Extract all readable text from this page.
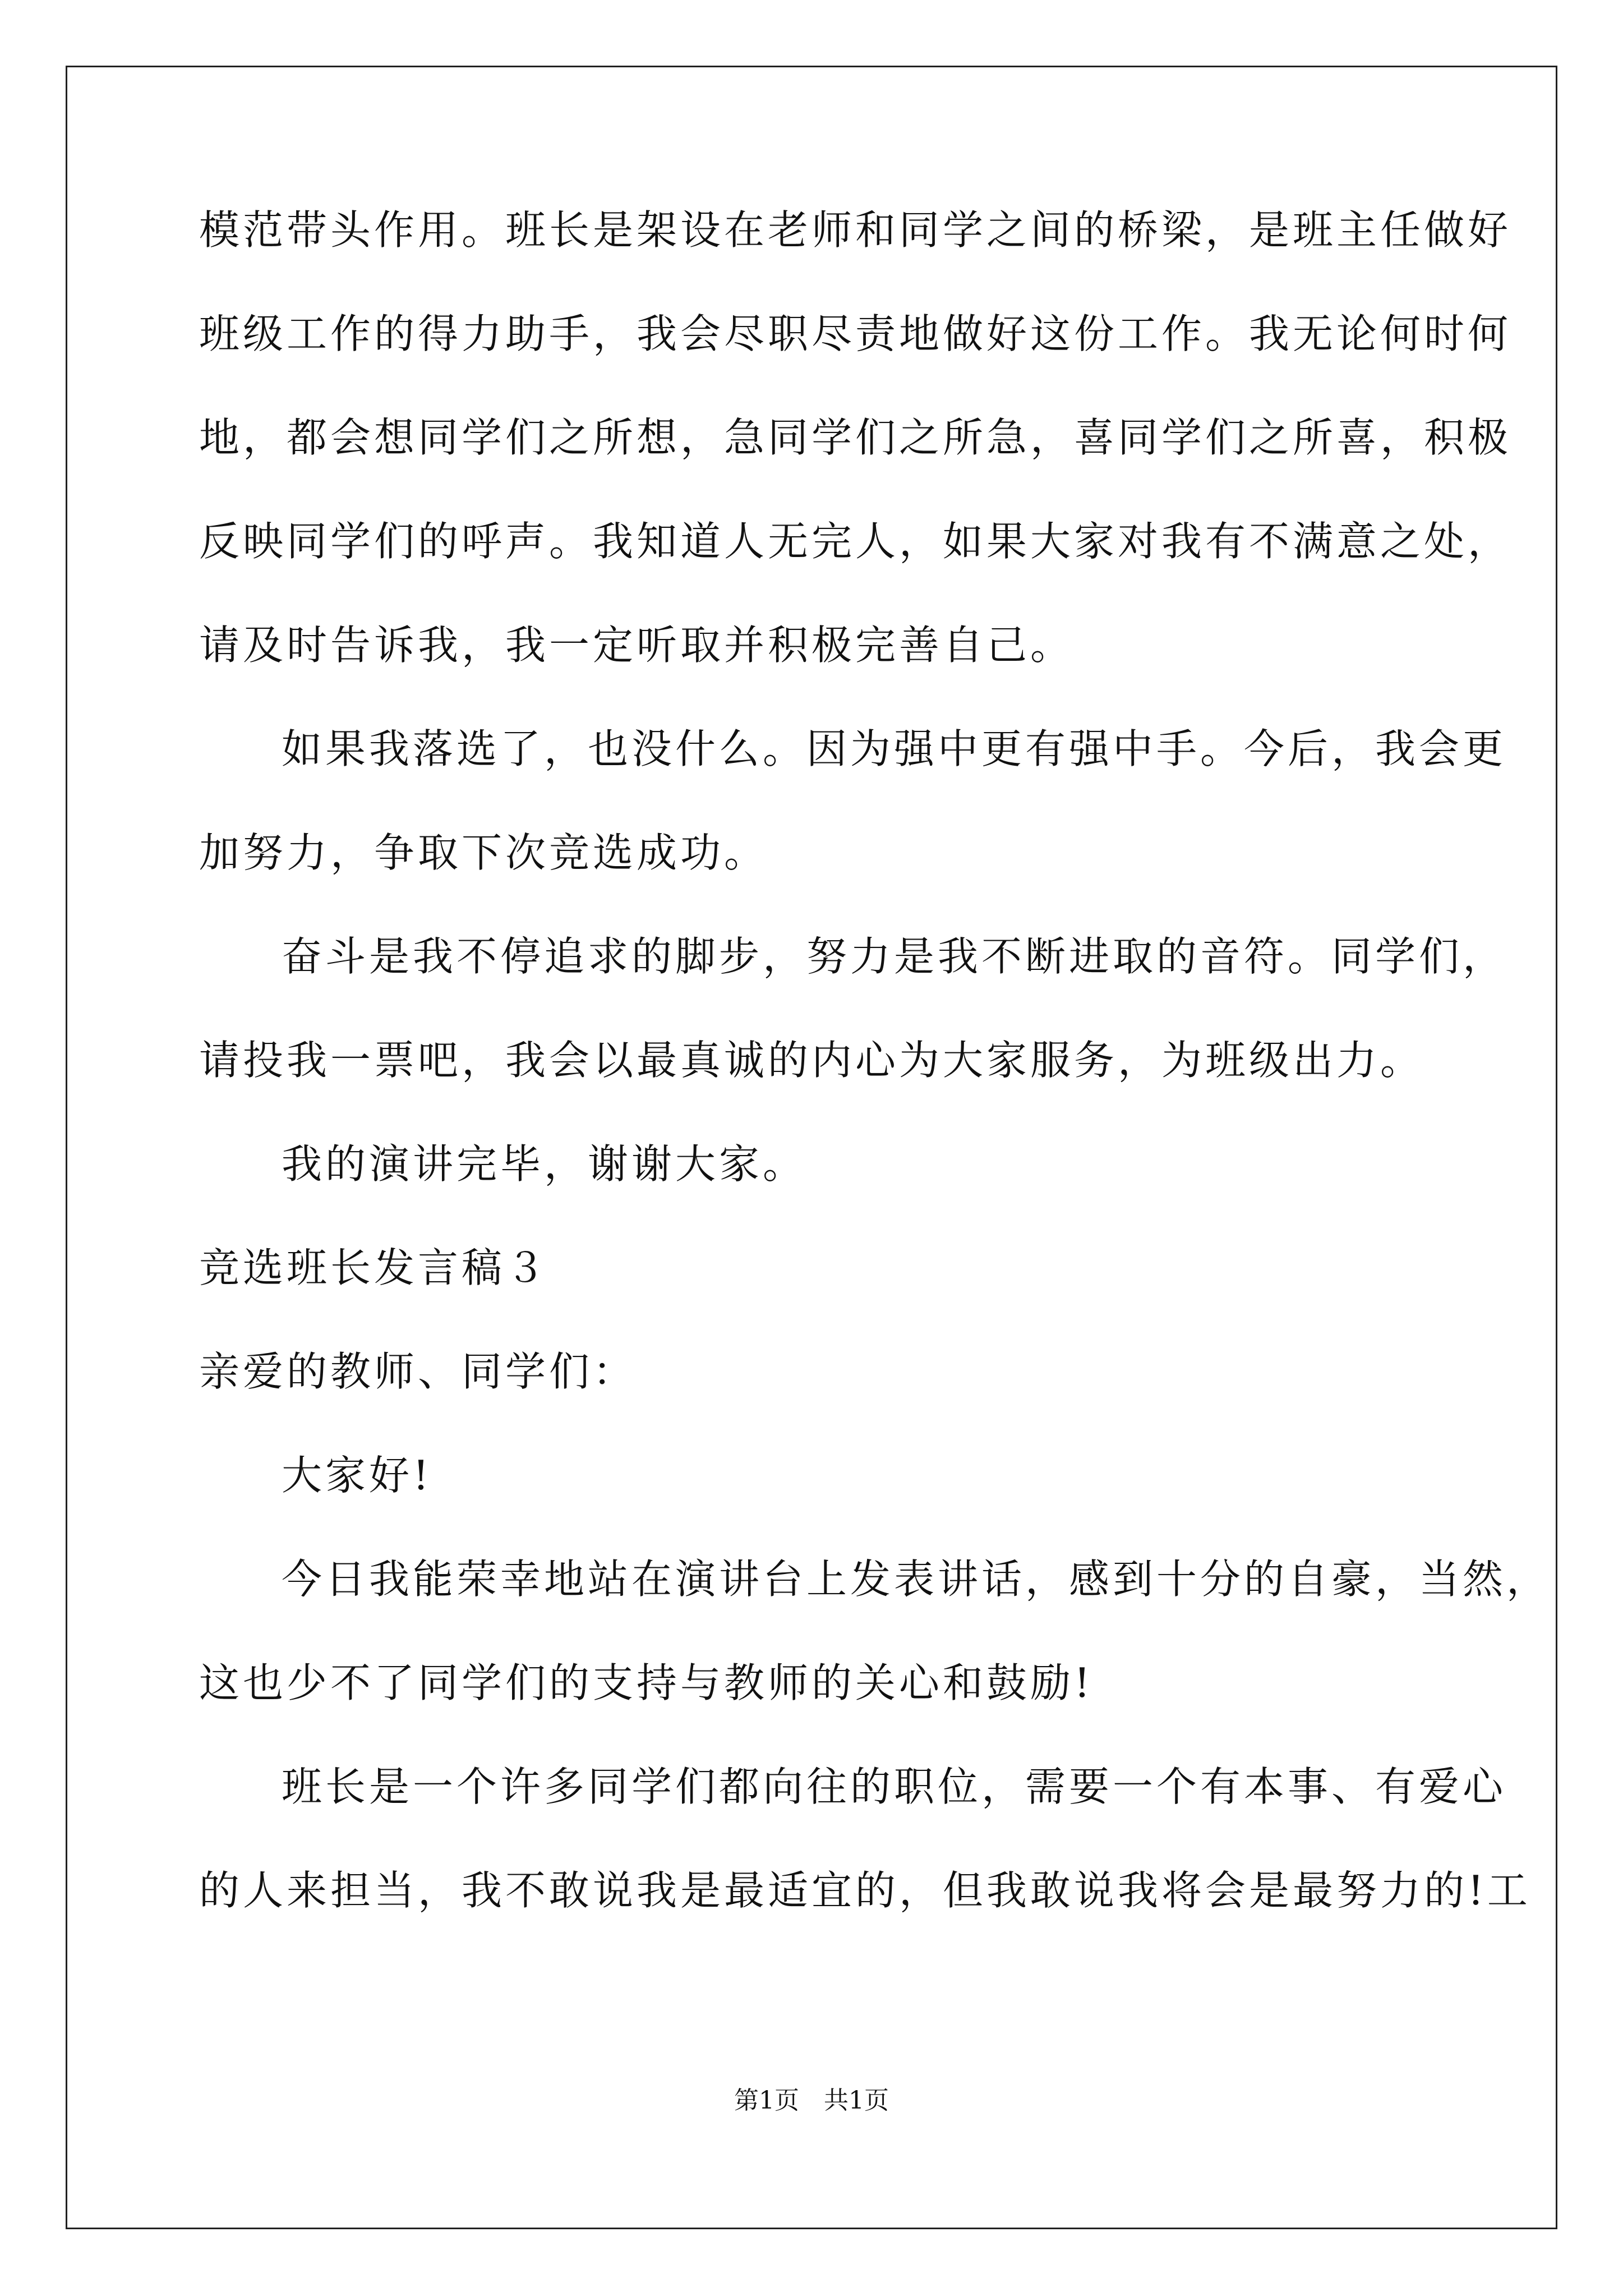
模范带头作用。班长是架设在老师和同学之间的桥梁，是班主任做好
班级工作的得力助手，我会尽职尽责地做好这份工作。我无论何时何
地，都会想同学们之所想，急同学们之所急，喜同学们之所喜，积极
反映同学们的呼声。我知道人无完人，如果大家对我有不满意之处，
请及时告诉我，我一定听取并积极完善自己。
如果我落选了，也没什么。因为强中更有强中手。今后，我会更
加努力，争取下次竞选成功。
奋斗是我不停追求的脚步，努力是我不断进取的音符。同学们，
请投我一票吧，我会以最真诚的内心为大家服务，为班级出力。
我的演讲完毕，谢谢大家。
竞选班长发言稿３
亲爱的教师、同学们：
大家好!
今日我能荣幸地站在演讲台上发表讲话，感到十分的自豪，当然，
这也少不了同学们的支持与教师的关心和鼓励!
班长是一个许多同学们都向往的职位，需要一个有本事、有爱心
的人来担当，我不敢说我是最适宜的，但我敢说我将会是最努力的!工
第1页　共1页
